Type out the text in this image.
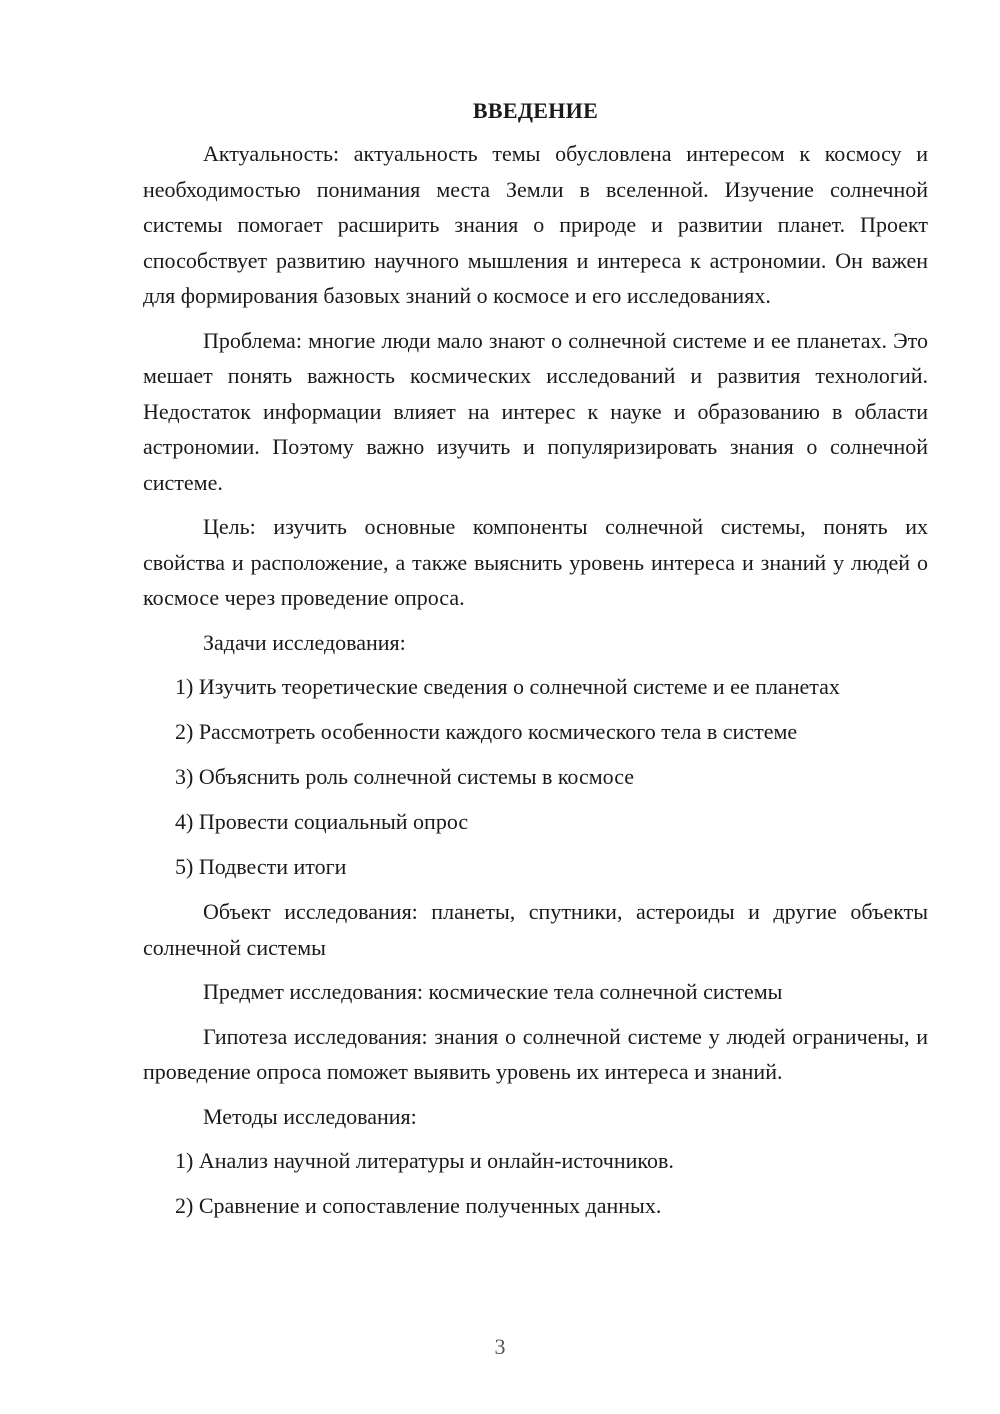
ВВЕДЕНИЕ

Актуальность: актуальность темы обусловлена интересом к космосу и необходимостью понимания места Земли в вселенной. Изучение солнечной системы помогает расширить знания о природе и развитии планет. Проект способствует развитию научного мышления и интереса к астрономии. Он важен для формирования базовых знаний о космосе и его исследованиях.

Проблема: многие люди мало знают о солнечной системе и ее планетах. Это мешает понять важность космических исследований и развития технологий. Недостаток информации влияет на интерес к науке и образованию в области астрономии. Поэтому важно изучить и популяризировать знания о солнечной системе.

Цель: изучить основные компоненты солнечной системы, понять их свойства и расположение, а также выяснить уровень интереса и знаний у людей о космосе через проведение опроса.

Задачи исследования:

1) Изучить теоретические сведения о солнечной системе и ее планетах
2) Рассмотреть особенности каждого космического тела в системе
3) Объяснить роль солнечной системы в космосе
4) Провести социальный опрос
5) Подвести итоги

Объект исследования: планеты, спутники, астероиды и другие объекты солнечной системы

Предмет исследования: космические тела солнечной системы

Гипотеза исследования: знания о солнечной системе у людей ограничены, и проведение опроса поможет выявить уровень их интереса и знаний.

Методы исследования:

1) Анализ научной литературы и онлайн-источников.
2) Сравнение и сопоставление полученных данных.
3
